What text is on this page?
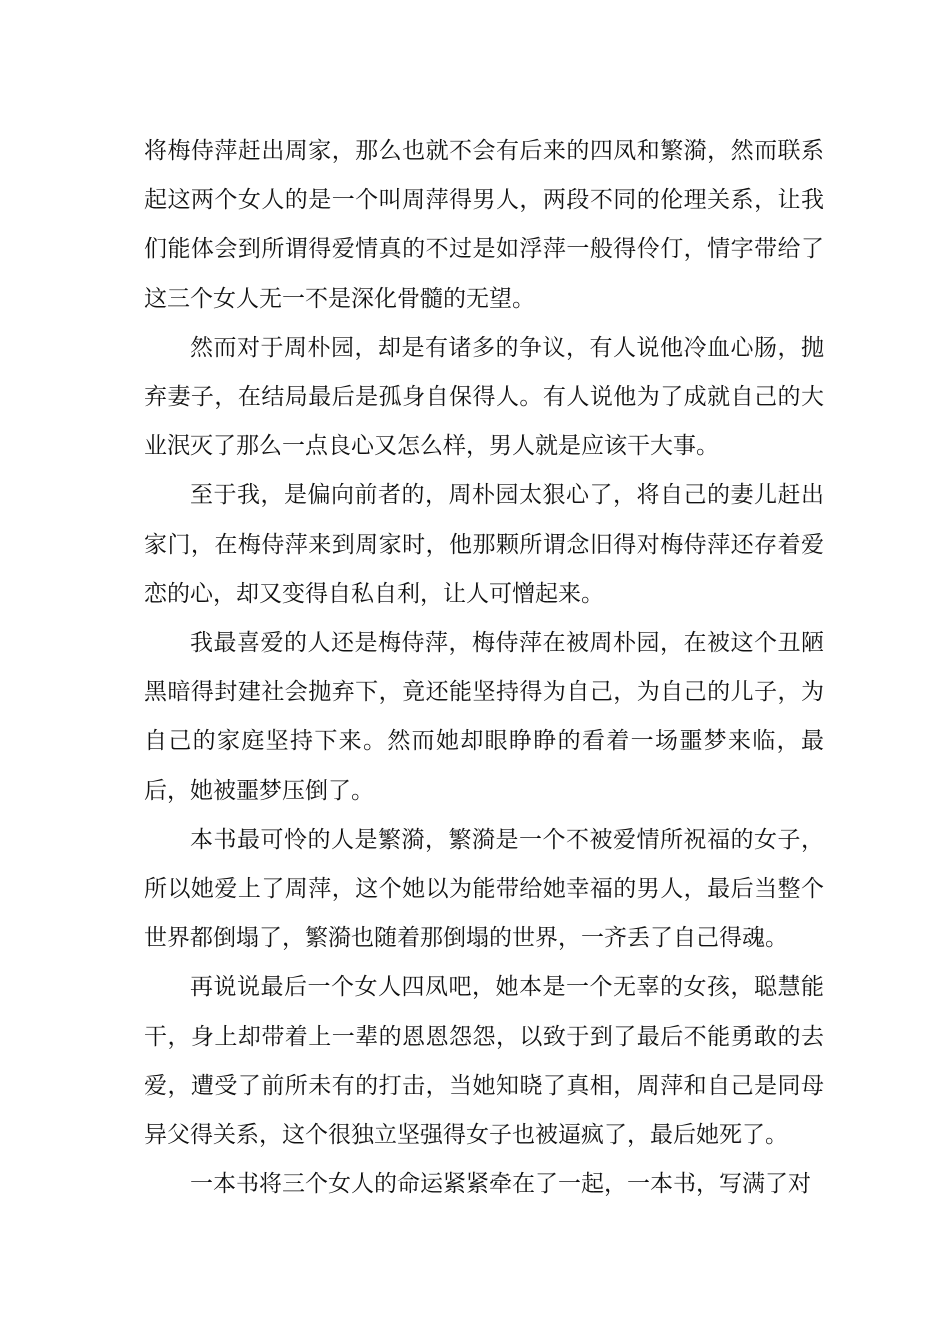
将梅侍萍赶出周家，那么也就不会有后来的四凤和繁漪，然而联系起这两个女人的是一个叫周萍得男人，两段不同的伦理关系，让我们能体会到所谓得爱情真的不过是如浮萍一般得伶仃，情字带给了这三个女人无一不是深化骨髓的无望。

然而对于周朴园，却是有诸多的争议，有人说他冷血心肠，抛弃妻子，在结局最后是孤身自保得人。有人说他为了成就自己的大业泯灭了那么一点良心又怎么样，男人就是应该干大事。

至于我，是偏向前者的，周朴园太狠心了，将自己的妻儿赶出家门，在梅侍萍来到周家时，他那颗所谓念旧得对梅侍萍还存着爱恋的心，却又变得自私自利，让人可憎起来。

我最喜爱的人还是梅侍萍，梅侍萍在被周朴园，在被这个丑陋黑暗得封建社会抛弃下，竟还能坚持得为自己，为自己的儿子，为自己的家庭坚持下来。然而她却眼睁睁的看着一场噩梦来临，最后，她被噩梦压倒了。

本书最可怜的人是繁漪，繁漪是一个不被爱情所祝福的女子，所以她爱上了周萍，这个她以为能带给她幸福的男人，最后当整个世界都倒塌了，繁漪也随着那倒塌的世界，一齐丢了自己得魂。

再说说最后一个女人四凤吧，她本是一个无辜的女孩，聪慧能干，身上却带着上一辈的恩恩怨怨，以致于到了最后不能勇敢的去爱，遭受了前所未有的打击，当她知晓了真相，周萍和自己是同母异父得关系，这个很独立坚强得女子也被逼疯了，最后她死了。

一本书将三个女人的命运紧紧牵在了一起，一本书，写满了对
